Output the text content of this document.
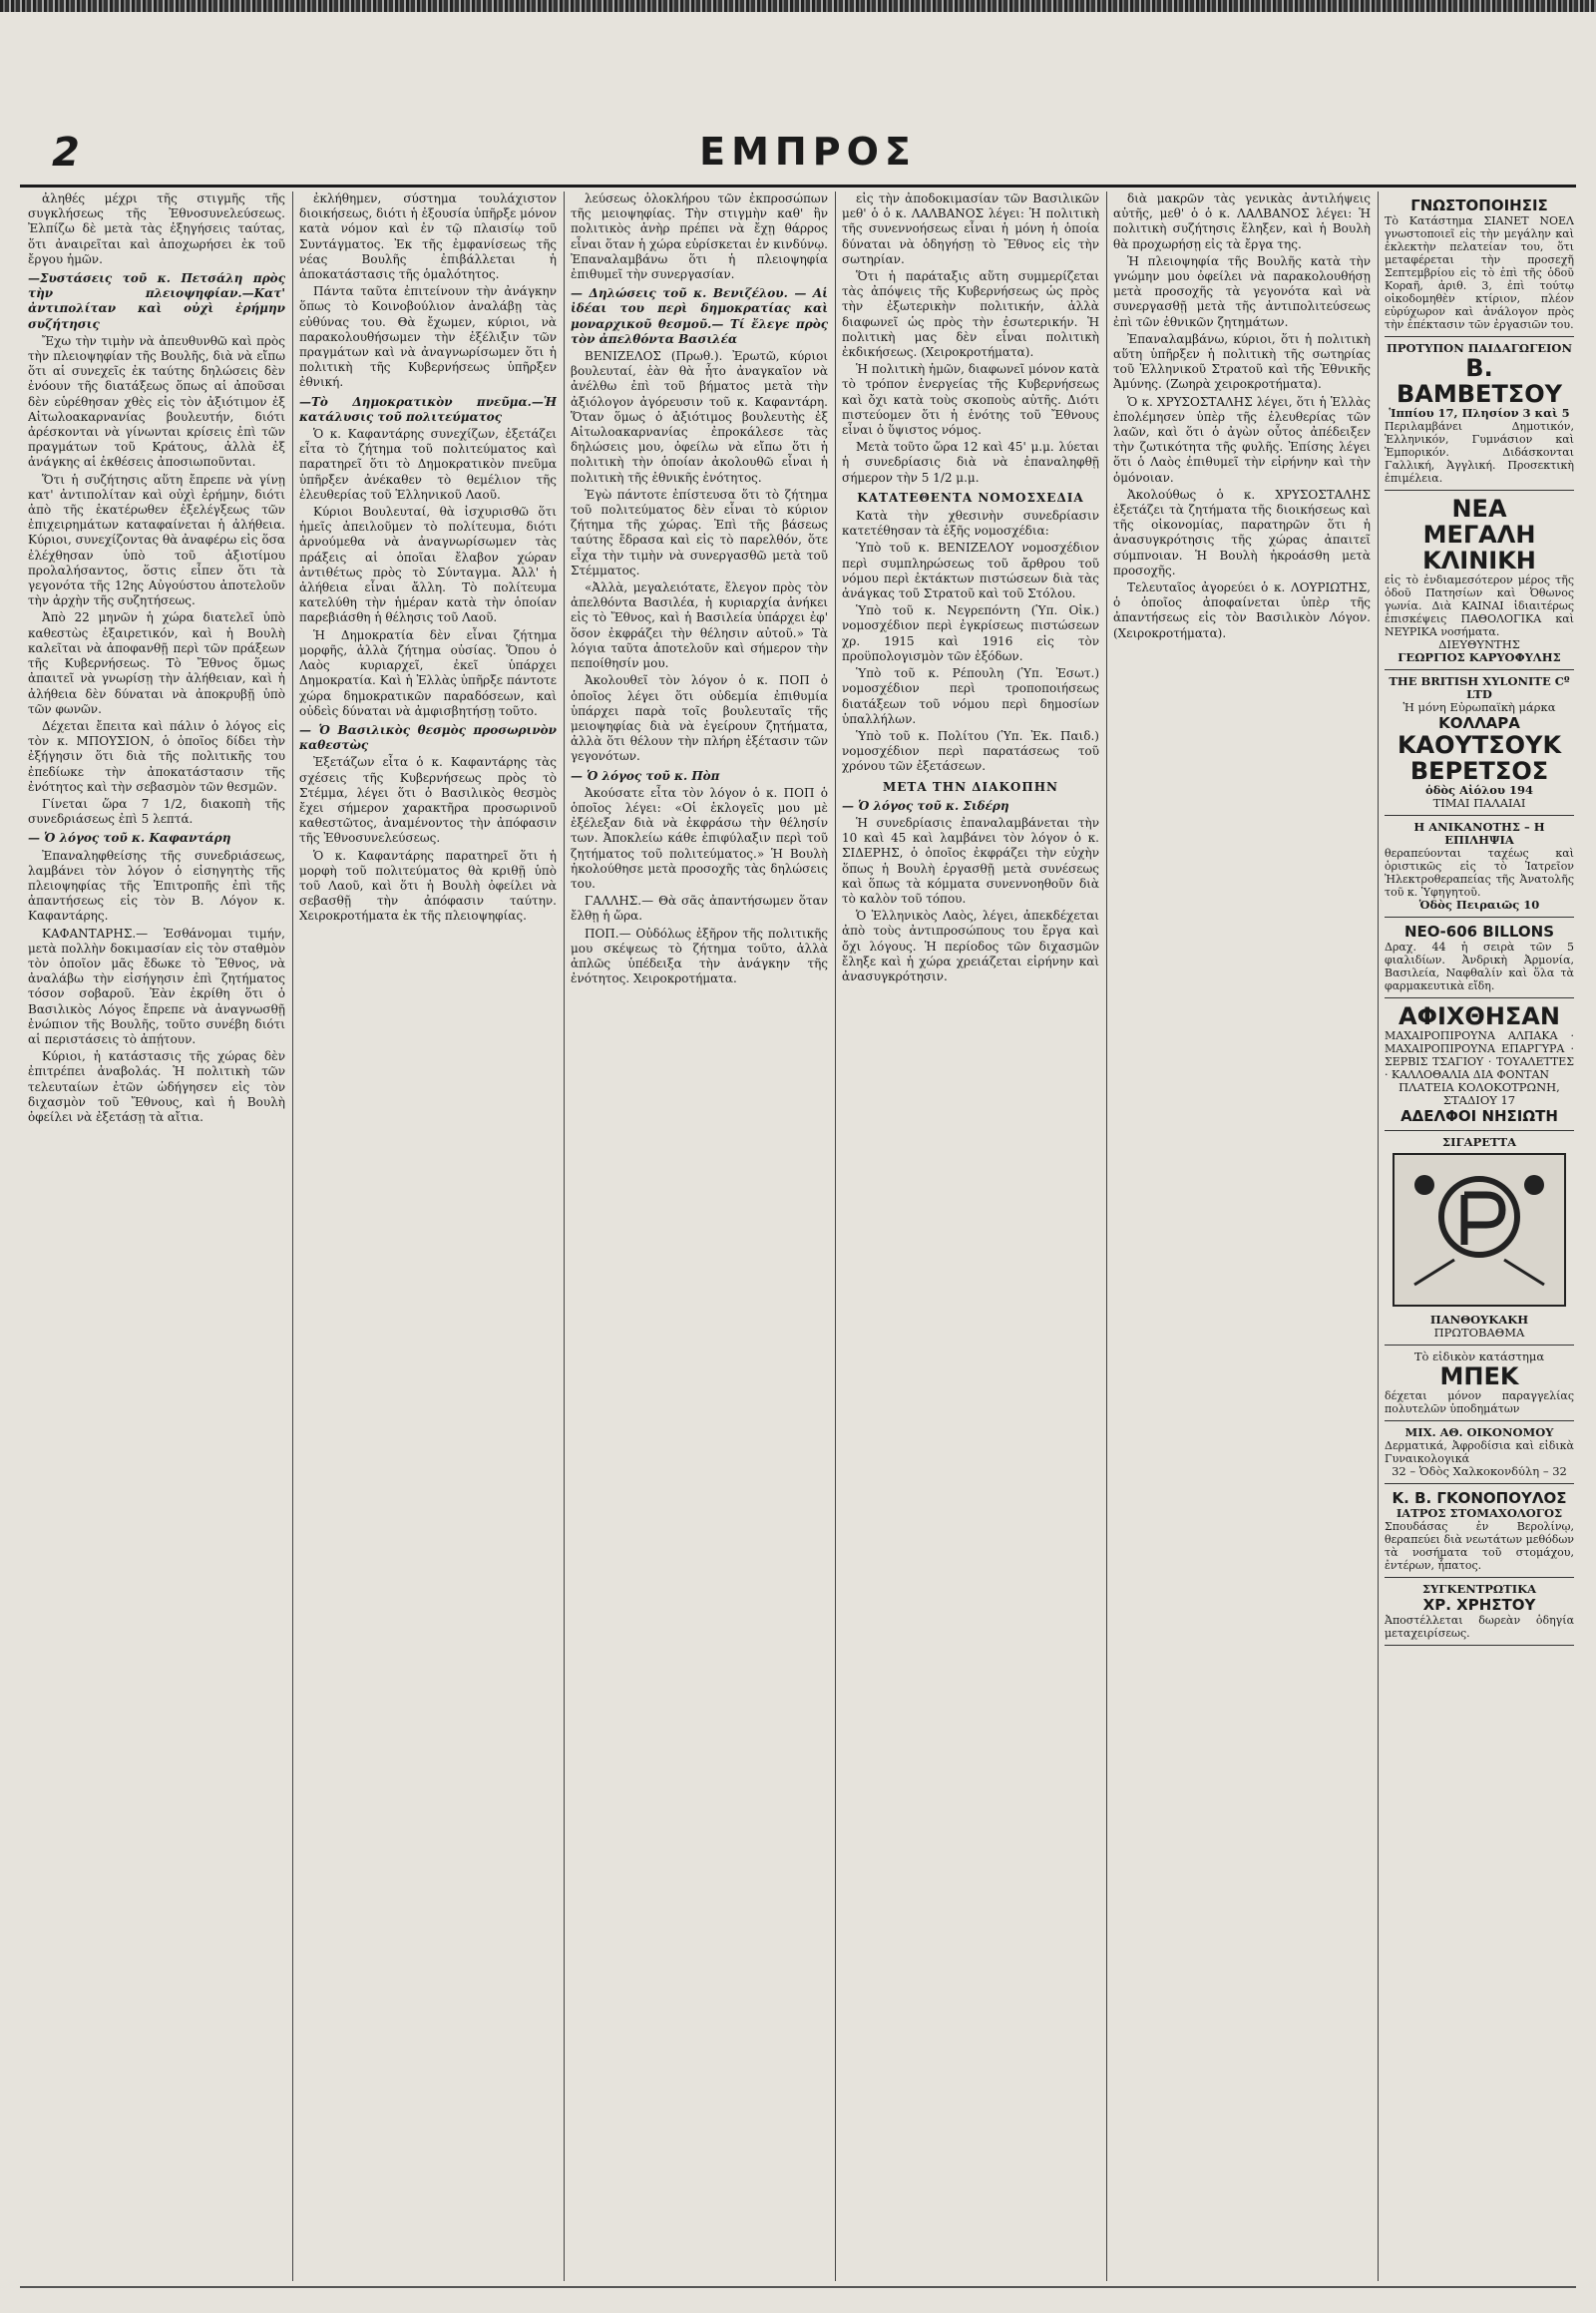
2	ΕΜΠΡΟΣ
ἀληθές μέχρι τῆς στιγμῆς τῆς συγκλήσεως τῆς Ἐθνοσυνελεύσεως. Ἐλπίζω δὲ μετὰ τὰς ἐξηγήσεις ταύτας, ὅτι ἀναιρεῖται καὶ ἀποχωρήσει ἐκ τοῦ ἔργου ἡμῶν.
—Συστάσεις τοῦ κ. Πετσάλη πρὸς τὴν πλειοψηφίαν.—Κατ' ἀντιπολίταν καὶ οὐχὶ ἐρήμην συζήτησις
Ἔχω τὴν τιμὴν νὰ ἀπευθυνθῶ καὶ πρὸς τὴν πλειοψηφίαν τῆς Βουλῆς, διὰ νὰ εἴπω ὅτι αἱ συνεχεῖς ἐκ ταύτης δηλώσεις δὲν ἐνόουν τῆς διατάξεως ὅπως αἱ ἀποῦσαι δὲν εὑρέθησαν χθὲς εἰς τὸν ἀξιότιμον ἐξ Αἰτωλοακαρνανίας βουλευτήν, διότι ἀρέσκονται νὰ γίνωνται κρίσεις ἐπὶ τῶν πραγμάτων τοῦ Κράτους, ἀλλὰ ἐξ ἀνάγκης αἱ ἐκθέσεις ἀποσιωποῦνται.
Ὅτι ἡ συζήτησις αὕτη ἔπρεπε νὰ γίνῃ κατ' ἀντιπολίταν καὶ οὐχὶ ἐρήμην, διότι ἀπὸ τῆς ἑκατέρωθεν ἐξελέγξεως τῶν ἐπιχειρημάτων καταφαίνεται ἡ ἀλήθεια. Κύριοι, συνεχίζοντας θὰ ἀναφέρω εἰς ὅσα ἐλέχθησαν ὑπὸ τοῦ ἀξιοτίμου προλαλήσαντος, ὅστις εἶπεν ὅτι τὰ γεγονότα τῆς 12ης Αὐγούστου ἀποτελοῦν τὴν ἀρχὴν τῆς συζητήσεως.
Ἀπὸ 22 μηνῶν ἡ χώρα διατελεῖ ὑπὸ καθεστὼς ἐξαιρετικόν, καὶ ἡ Βουλὴ καλεῖται νὰ ἀποφανθῇ περὶ τῶν πράξεων τῆς Κυβερνήσεως. Τὸ Ἔθνος ὅμως ἀπαιτεῖ νὰ γνωρίσῃ τὴν ἀλήθειαν, καὶ ἡ ἀλήθεια δὲν δύναται νὰ ἀποκρυβῇ ὑπὸ τῶν φωνῶν.
Δέχεται ἔπειτα καὶ πάλιν ὁ λόγος εἰς τὸν κ. ΜΠΟΥΣΙΟΝ, ὁ ὁποῖος δίδει τὴν ἐξήγησιν ὅτι διὰ τῆς πολιτικῆς του ἐπεδίωκε τὴν ἀποκατάστασιν τῆς ἐνότητος καὶ τὴν σεβασμὸν τῶν θεσμῶν.
Γίνεται ὥρα 7 1/2, διακοπὴ τῆς συνεδριάσεως ἐπὶ 5 λεπτά.
— Ὁ λόγος τοῦ κ. Καφαντάρη
Ἐπαναληφθείσης τῆς συνεδριάσεως, λαμβάνει τὸν λόγον ὁ εἰσηγητὴς τῆς πλειοψηφίας τῆς Ἐπιτροπῆς ἐπὶ τῆς ἀπαντήσεως εἰς τὸν Β. Λόγον κ. Καφαντάρης.
ΚΑΦΑΝΤΑΡΗΣ.— Ἐσθάνομαι τιμήν, μετὰ πολλὴν δοκιμασίαν εἰς τὸν σταθμὸν τὸν ὁποῖον μᾶς ἔδωκε τὸ Ἔθνος, νὰ ἀναλάβω τὴν εἰσήγησιν ἐπὶ ζητήματος τόσον σοβαροῦ. Ἐὰν ἐκρίθη ὅτι ὁ Βασιλικὸς Λόγος ἔπρεπε νὰ ἀναγνωσθῇ ἐνώπιον τῆς Βουλῆς, τοῦτο συνέβη διότι αἱ περιστάσεις τὸ ἀπῄτουν.
Κύριοι, ἡ κατάστασις τῆς χώρας δὲν ἐπιτρέπει ἀναβολάς. Ἡ πολιτικὴ τῶν τελευταίων ἐτῶν ὡδήγησεν εἰς τὸν διχασμὸν τοῦ Ἔθνους, καὶ ἡ Βουλὴ ὀφείλει νὰ ἐξετάσῃ τὰ αἴτια.
ἐκλήθημεν, σύστημα τουλάχιστον διοικήσεως, διότι ἡ ἐξουσία ὑπῆρξε μόνον κατὰ νόμον καὶ ἐν τῷ πλαισίῳ τοῦ Συντάγματος. Ἐκ τῆς ἐμφανίσεως τῆς νέας Βουλῆς ἐπιβάλλεται ἡ ἀποκατάστασις τῆς ὁμαλότητος.
Πάντα ταῦτα ἐπιτείνουν τὴν ἀνάγκην ὅπως τὸ Κοινοβούλιον ἀναλάβῃ τὰς εὐθύνας του. Θὰ ἔχωμεν, κύριοι, νὰ παρακολουθήσωμεν τὴν ἐξέλιξιν τῶν πραγμάτων καὶ νὰ ἀναγνωρίσωμεν ὅτι ἡ πολιτικὴ τῆς Κυβερνήσεως ὑπῆρξεν ἐθνική.
—Τὸ Δημοκρατικὸν πνεῦμα.—Ἡ κατάλυσις τοῦ πολιτεύματος
Ὁ κ. Καφαντάρης συνεχίζων, ἐξετάζει εἶτα τὸ ζήτημα τοῦ πολιτεύματος καὶ παρατηρεῖ ὅτι τὸ Δημοκρατικὸν πνεῦμα ὑπῆρξεν ἀνέκαθεν τὸ θεμέλιον τῆς ἐλευθερίας τοῦ Ἑλληνικοῦ Λαοῦ.
Κύριοι Βουλευταί, θὰ ἰσχυρισθῶ ὅτι ἡμεῖς ἀπειλοῦμεν τὸ πολίτευμα, διότι ἀρνούμεθα νὰ ἀναγνωρίσωμεν τὰς πράξεις αἱ ὁποῖαι ἔλαβον χώραν ἀντιθέτως πρὸς τὸ Σύνταγμα. Ἀλλ' ἡ ἀλήθεια εἶναι ἄλλη. Τὸ πολίτευμα κατελύθη τὴν ἡμέραν κατὰ τὴν ὁποίαν παρεβιάσθη ἡ θέλησις τοῦ Λαοῦ.
Ἡ Δημοκρατία δὲν εἶναι ζήτημα μορφῆς, ἀλλὰ ζήτημα οὐσίας. Ὅπου ὁ Λαὸς κυριαρχεῖ, ἐκεῖ ὑπάρχει Δημοκρατία. Καὶ ἡ Ἑλλὰς ὑπῆρξε πάντοτε χώρα δημοκρατικῶν παραδόσεων, καὶ οὐδεὶς δύναται νὰ ἀμφισβητήσῃ τοῦτο.
— Ὁ Βασιλικὸς θεσμὸς προσωρινὸν καθεστὼς
Ἐξετάζων εἶτα ὁ κ. Καφαντάρης τὰς σχέσεις τῆς Κυβερνήσεως πρὸς τὸ Στέμμα, λέγει ὅτι ὁ Βασιλικὸς θεσμὸς ἔχει σήμερον χαρακτῆρα προσωρινοῦ καθεστῶτος, ἀναμένοντος τὴν ἀπόφασιν τῆς Ἐθνοσυνελεύσεως.
Ὁ κ. Καφαντάρης παρατηρεῖ ὅτι ἡ μορφὴ τοῦ πολιτεύματος θὰ κριθῇ ὑπὸ τοῦ Λαοῦ, καὶ ὅτι ἡ Βουλὴ ὀφείλει νὰ σεβασθῇ τὴν ἀπόφασιν ταύτην. Χειροκροτήματα ἐκ τῆς πλειοψηφίας.
λεύσεως ὁλοκλήρου τῶν ἐκπροσώπων τῆς μειοψηφίας. Τὴν στιγμὴν καθ' ἣν πολιτικὸς ἀνὴρ πρέπει νὰ ἔχῃ θάρρος εἶναι ὅταν ἡ χώρα εὑρίσκεται ἐν κινδύνῳ. Ἐπαναλαμβάνω ὅτι ἡ πλειοψηφία ἐπιθυμεῖ τὴν συνεργασίαν.
— Δηλώσεις τοῦ κ. Βενιζέλου. — Αἱ ἰδέαι του περὶ δημοκρατίας καὶ μοναρχικοῦ θεσμοῦ.— Τί ἔλεγε πρὸς τὸν ἀπελθόντα Βασιλέα
ΒΕΝΙΖΕΛΟΣ (Πρωθ.). Ἐρωτῶ, κύριοι βουλευταί, ἐὰν θὰ ἦτο ἀναγκαῖον νὰ ἀνέλθω ἐπὶ τοῦ βήματος μετὰ τὴν ἀξιόλογον ἀγόρευσιν τοῦ κ. Καφαντάρη. Ὅταν ὅμως ὁ ἀξιότιμος βουλευτὴς ἐξ Αἰτωλοακαρνανίας ἐπροκάλεσε τὰς δηλώσεις μου, ὀφείλω νὰ εἴπω ὅτι ἡ πολιτικὴ τὴν ὁποίαν ἀκολουθῶ εἶναι ἡ πολιτικὴ τῆς ἐθνικῆς ἐνότητος.
Ἐγὼ πάντοτε ἐπίστευσα ὅτι τὸ ζήτημα τοῦ πολιτεύματος δὲν εἶναι τὸ κύριον ζήτημα τῆς χώρας. Ἐπὶ τῆς βάσεως ταύτης ἔδρασα καὶ εἰς τὸ παρελθόν, ὅτε εἶχα τὴν τιμὴν νὰ συνεργασθῶ μετὰ τοῦ Στέμματος.
«Ἀλλὰ, μεγαλειότατε, ἔλεγον πρὸς τὸν ἀπελθόντα Βασιλέα, ἡ κυριαρχία ἀνήκει εἰς τὸ Ἔθνος, καὶ ἡ Βασιλεία ὑπάρχει ἐφ' ὅσον ἐκφράζει τὴν θέλησιν αὐτοῦ.» Τὰ λόγια ταῦτα ἀποτελοῦν καὶ σήμερον τὴν πεποίθησίν μου.
Ἀκολουθεῖ τὸν λόγον ὁ κ. ΠΟΠ ὁ ὁποῖος λέγει ὅτι οὐδεμία ἐπιθυμία ὑπάρχει παρὰ τοῖς βουλευταῖς τῆς μειοψηφίας διὰ νὰ ἐγείρουν ζητήματα, ἀλλὰ ὅτι θέλουν τὴν πλήρη ἐξέτασιν τῶν γεγονότων.
— Ὁ λόγος τοῦ κ. Πὸπ
Ἀκούσατε εἶτα τὸν λόγον ὁ κ. ΠΟΠ ὁ ὁποῖος λέγει: «Οἱ ἐκλογεῖς μου μὲ ἐξέλεξαν διὰ νὰ ἐκφράσω τὴν θέλησίν των. Ἀποκλείω κάθε ἐπιφύλαξιν περὶ τοῦ ζητήματος τοῦ πολιτεύματος.» Ἡ Βουλὴ ἠκολούθησε μετὰ προσοχῆς τὰς δηλώσεις του.
ΓΑΛΛΗΣ.— Θὰ σᾶς ἀπαντήσωμεν ὅταν ἔλθῃ ἡ ὥρα.
ΠΟΠ.— Οὐδόλως ἐξῆρον τῆς πολιτικῆς μου σκέψεως τὸ ζήτημα τοῦτο, ἀλλὰ ἀπλῶς ὑπέδειξα τὴν ἀνάγκην τῆς ἐνότητος. Χειροκροτήματα.
εἰς τὴν ἀποδοκιμασίαν τῶν Βασιλικῶν μεθ' ὁ ὁ κ. ΛΑΛΒΑΝΟΣ λέγει: Ἡ πολιτικὴ τῆς συνεννοήσεως εἶναι ἡ μόνη ἡ ὁποία δύναται νὰ ὁδηγήσῃ τὸ Ἔθνος εἰς τὴν σωτηρίαν.
Ὅτι ἡ παράταξις αὕτη συμμερίζεται τὰς ἀπόψεις τῆς Κυβερνήσεως ὡς πρὸς τὴν ἐξωτερικὴν πολιτικήν, ἀλλὰ διαφωνεῖ ὡς πρὸς τὴν ἐσωτερικήν. Ἡ πολιτικὴ μας δὲν εἶναι πολιτικὴ ἐκδικήσεως. (Χειροκροτήματα).
Ἡ πολιτικὴ ἡμῶν, διαφωνεῖ μόνον κατὰ τὸ τρόπον ἐνεργείας τῆς Κυβερνήσεως καὶ ὄχι κατὰ τοὺς σκοποὺς αὐτῆς. Διότι πιστεύομεν ὅτι ἡ ἑνότης τοῦ Ἔθνους εἶναι ὁ ὕψιστος νόμος.
Μετὰ τοῦτο ὥρα 12 καὶ 45' μ.μ. λύεται ἡ συνεδρίασις διὰ νὰ ἐπαναληφθῇ σήμερον τὴν 5 1/2 μ.μ.
ΚΑΤΑΤΕΘΕΝΤΑ ΝΟΜΟΣΧΕΔΙΑ
Κατὰ τὴν χθεσινὴν συνεδρίασιν κατετέθησαν τὰ ἑξῆς νομοσχέδια:
Ὑπὸ τοῦ κ. ΒΕΝΙΖΕΛΟΥ νομοσχέδιον περὶ συμπληρώσεως τοῦ ἄρθρου τοῦ νόμου περὶ ἐκτάκτων πιστώσεων διὰ τὰς ἀνάγκας τοῦ Στρατοῦ καὶ τοῦ Στόλου.
Ὑπὸ τοῦ κ. Νεγρεπόντη (Ὑπ. Οἰκ.) νομοσχέδιον περὶ ἐγκρίσεως πιστώσεων χρ. 1915 καὶ 1916 εἰς τὸν προϋπολογισμὸν τῶν ἐξόδων.
Ὑπὸ τοῦ κ. Ρέπουλη (Ὑπ. Ἐσωτ.) νομοσχέδιον περὶ τροποποιήσεως διατάξεων τοῦ νόμου περὶ δημοσίων ὑπαλλήλων.
Ὑπὸ τοῦ κ. Πολίτου (Ὑπ. Ἐκ. Παιδ.) νομοσχέδιον περὶ παρατάσεως τοῦ χρόνου τῶν ἐξετάσεων.
ΜΕΤΑ ΤΗΝ ΔΙΑΚΟΠΗΝ
— Ὁ λόγος τοῦ κ. Σιδέρη
Ἡ συνεδρίασις ἐπαναλαμβάνεται τὴν 10 καὶ 45 καὶ λαμβάνει τὸν λόγον ὁ κ. ΣΙΔΕΡΗΣ, ὁ ὁποῖος ἐκφράζει τὴν εὐχὴν ὅπως ἡ Βουλὴ ἐργασθῇ μετὰ συνέσεως καὶ ὅπως τὰ κόμματα συνεννοηθοῦν διὰ τὸ καλὸν τοῦ τόπου.
Ὁ Ἑλληνικὸς Λαὸς, λέγει, ἀπεκδέχεται ἀπὸ τοὺς ἀντιπροσώπους του ἔργα καὶ ὄχι λόγους. Ἡ περίοδος τῶν διχασμῶν ἔληξε καὶ ἡ χώρα χρειάζεται εἰρήνην καὶ ἀνασυγκρότησιν.
διὰ μακρῶν τὰς γενικὰς ἀντιλήψεις αὐτῆς, μεθ' ὁ ὁ κ. ΛΑΛΒΑΝΟΣ λέγει: Ἡ πολιτικὴ συζήτησις ἔληξεν, καὶ ἡ Βουλὴ θὰ προχωρήσῃ εἰς τὰ ἔργα της.
Ἡ πλειοψηφία τῆς Βουλῆς κατὰ τὴν γνώμην μου ὀφείλει νὰ παρακολουθήσῃ μετὰ προσοχῆς τὰ γεγονότα καὶ νὰ συνεργασθῇ μετὰ τῆς ἀντιπολιτεύσεως ἐπὶ τῶν ἐθνικῶν ζητημάτων.
Ἐπαναλαμβάνω, κύριοι, ὅτι ἡ πολιτικὴ αὕτη ὑπῆρξεν ἡ πολιτικὴ τῆς σωτηρίας τοῦ Ἑλληνικοῦ Στρατοῦ καὶ τῆς Ἐθνικῆς Ἀμύνης. (Ζωηρὰ χειροκροτήματα).
Ὁ κ. ΧΡΥΣΟΣΤΑΛΗΣ λέγει, ὅτι ἡ Ἑλλὰς ἐπολέμησεν ὑπὲρ τῆς ἐλευθερίας τῶν λαῶν, καὶ ὅτι ὁ ἀγὼν οὗτος ἀπέδειξεν τὴν ζωτικότητα τῆς φυλῆς. Ἐπίσης λέγει ὅτι ὁ Λαὸς ἐπιθυμεῖ τὴν εἰρήνην καὶ τὴν ὁμόνοιαν.
Ἀκολούθως ὁ κ. ΧΡΥΣΟΣΤΑΛΗΣ ἐξετάζει τὰ ζητήματα τῆς διοικήσεως καὶ τῆς οἰκονομίας, παρατηρῶν ὅτι ἡ ἀνασυγκρότησις τῆς χώρας ἀπαιτεῖ σύμπνοιαν. Ἡ Βουλὴ ἠκροάσθη μετὰ προσοχῆς.
Τελευταῖος ἀγορεύει ὁ κ. ΛΟΥΡΙΩΤΗΣ, ὁ ὁποῖος ἀποφαίνεται ὑπὲρ τῆς ἀπαντήσεως εἰς τὸν Βασιλικὸν Λόγον. (Χειροκροτήματα).
ΓΝΩΣΤΟΠΟΙΗΣΙΣ
Τὸ Κατάστημα ΣΙΑΝΕΤ ΝΟΕΛ γνωστοποιεῖ εἰς τὴν μεγάλην καὶ ἐκλεκτὴν πελατείαν του, ὅτι μεταφέρεται τὴν προσεχῆ Σεπτεμβρίου εἰς τὸ ἐπὶ τῆς ὁδοῦ Κοραῆ, ἀριθ. 3, ἐπὶ τούτῳ οἰκοδομηθὲν κτίριον, πλέον εὐρύχωρον καὶ ἀνάλογον πρὸς τὴν ἐπέκτασιν τῶν ἐργασιῶν του.
ΠΡΟΤΥΠΟΝ ΠΑΙΔΑΓΩΓΕΙΟΝ
Β. ΒΑΜΒΕΤΣΟΥ
Ἱππίου 17, Πλησίον 3 καὶ 5
Περιλαμβάνει Δημοτικόν, Ἑλληνικόν, Γυμνάσιον καὶ Ἐμπορικόν. Διδάσκονται Γαλλική, Ἀγγλική. Προσεκτικὴ ἐπιμέλεια.
ΝΕΑ
ΜΕΓΑΛΗ ΚΛΙΝΙΚΗ
εἰς τὸ ἐνδιαμεσότερον μέρος τῆς ὁδοῦ Πατησίων καὶ Ὀθωνος γωνία. Διὰ ΚΑΙΝΑΙ ἰδιαιτέρως ἐπισκέψεις ΠΑΘΟΛΟΓΙΚΑ καὶ ΝΕΥΡΙΚΑ νοσήματα.
ΔΙΕΥΘΥΝΤΗΣ
ΓΕΩΡΓΙΟΣ ΚΑΡΥΟΦΥΛΗΣ
THE BRITISH XYLONITE Cº LTD
Ἡ μόνη Εὐρωπαϊκὴ μάρκα
ΚΟΛΛΑΡΑ
ΚΑΟΥΤΣΟΥΚ
ΒΕΡΕΤΣΟΣ
ὁδὸς Αἰόλου 194
ΤΙΜΑΙ ΠΑΛΑΙΑΙ
Η ΑΝΙΚΑΝΟΤΗΣ – Η ΕΠΙΛΗΨΙΑ
θεραπεύονται ταχέως καὶ ὁριστικῶς εἰς τὸ Ἰατρεῖον Ἠλεκτροθεραπείας τῆς Ἀνατολῆς τοῦ κ. Ὑφηγητοῦ.
Ὁδὸς Πειραιῶς 10
ΝΕΟ-606 BILLONS
Δραχ. 44 ἡ σειρὰ τῶν 5 φιαλιδίων. Ἀνδρικὴ Ἀρμονία, Βασιλεία, Ναφθαλίν καὶ ὅλα τὰ φαρμακευτικὰ εἴδη.
ΑΦΙΧΘΗΣΑΝ
ΜΑΧΑΙΡΟΠΙΡΟΥΝΑ ΑΛΠΑΚΑ · ΜΑΧΑΙΡΟΠΙΡΟΥΝΑ ΕΠΑΡΓΥΡΑ · ΣΕΡΒΙΣ ΤΣΑΓΙΟΥ · ΤΟΥΑΛΕΤΤΕΣ · ΚΑΛΛΟΘΑΛΙΑ ΔΙΑ ΦΟΝΤΑΝ
ΠΛΑΤΕΙΑ ΚΟΛΟΚΟΤΡΩΝΗ, ΣΤΑΔΙΟΥ 17
ΑΔΕΛΦΟΙ ΝΗΣΙΩΤΗ
ΣΙΓΑΡΕΤΤΑ
ΠΑΝΘΟΥΚΑΚΗ
ΠΡΩΤΟΒΑΘΜΑ
Τὸ εἰδικὸν κατάστημα
ΜΠΕΚ
δέχεται μόνον παραγγελίας πολυτελῶν ὑποδημάτων
ΜΙΧ. ΑΘ. ΟΙΚΟΝΟΜΟΥ
Δερματικά, Ἀφροδίσια καὶ εἰδικὰ Γυναικολογικά
32 – Ὁδὸς Χαλκοκονδύλη – 32
Κ. Β. ΓΚΟΝΟΠΟΥΛΟΣ
ΙΑΤΡΟΣ ΣΤΟΜΑΧΟΛΟΓΟΣ
Σπουδάσας ἐν Βερολίνῳ, θεραπεύει διὰ νεωτάτων μεθόδων τὰ νοσήματα τοῦ στομάχου, ἐντέρων, ἧπατος.
ΣΥΓΚΕΝΤΡΩΤΙΚΑ
ΧΡ. ΧΡΗΣΤΟΥ
Ἀποστέλλεται δωρεὰν ὁδηγία μεταχειρίσεως.
